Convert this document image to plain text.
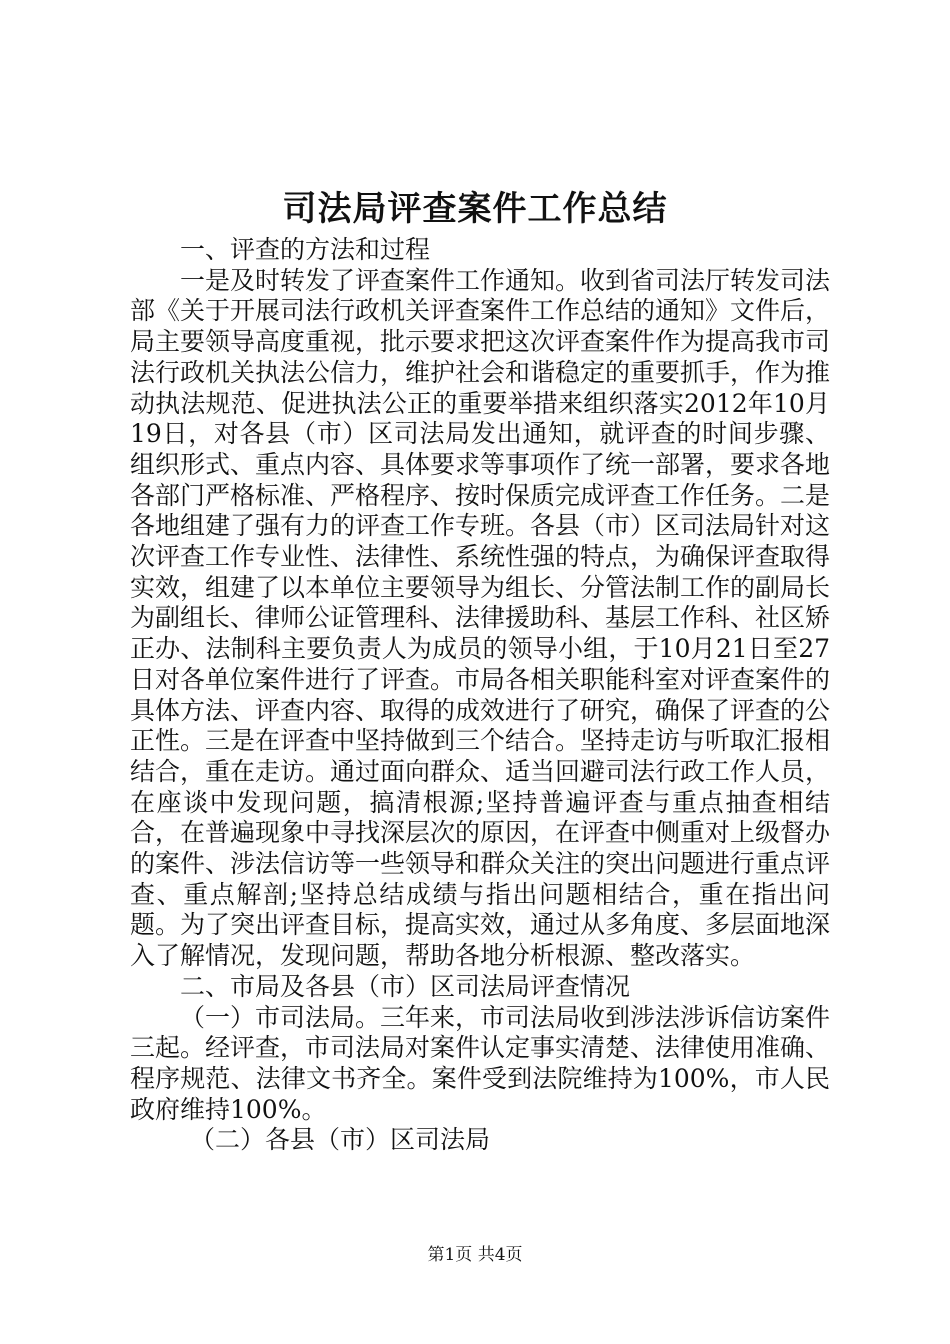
司法局评查案件工作总结

一、评查的方法和过程

一是及时转发了评查案件工作通知。收到省司法厅转发司法部《关于开展司法行政机关评查案件工作总结的通知》文件后，局主要领导高度重视，批示要求把这次评查案件作为提高我市司法行政机关执法公信力，维护社会和谐稳定的重要抓手，作为推动执法规范、促进执法公正的重要举措来组织落实2012年10月19日，对各县（市）区司法局发出通知，就评查的时间步骤、组织形式、重点内容、具体要求等事项作了统一部署，要求各地各部门严格标准、严格程序、按时保质完成评查工作任务。二是各地组建了强有力的评查工作专班。各县（市）区司法局针对这次评查工作专业性、法律性、系统性强的特点，为确保评查取得实效，组建了以本单位主要领导为组长、分管法制工作的副局长为副组长、律师公证管理科、法律援助科、基层工作科、社区矫正办、法制科主要负责人为成员的领导小组，于10月21日至27日对各单位案件进行了评查。市局各相关职能科室对评查案件的具体方法、评查内容、取得的成效进行了研究，确保了评查的公正性。三是在评查中坚持做到三个结合。坚持走访与听取汇报相结合，重在走访。通过面向群众、适当回避司法行政工作人员，在座谈中发现问题，搞清根源;坚持普遍评查与重点抽查相结合，在普遍现象中寻找深层次的原因，在评查中侧重对上级督办的案件、涉法信访等一些领导和群众关注的突出问题进行重点评查、重点解剖;坚持总结成绩与指出问题相结合，重在指出问题。为了突出评查目标，提高实效，通过从多角度、多层面地深入了解情况，发现问题，帮助各地分析根源、整改落实。

二、市局及各县（市）区司法局评查情况

（一）市司法局。三年来，市司法局收到涉法涉诉信访案件三起。经评查，市司法局对案件认定事实清楚、法律使用准确、程序规范、法律文书齐全。案件受到法院维持为100%，市人民政府维持100%。

（二）各县（市）区司法局

第1页 共4页
